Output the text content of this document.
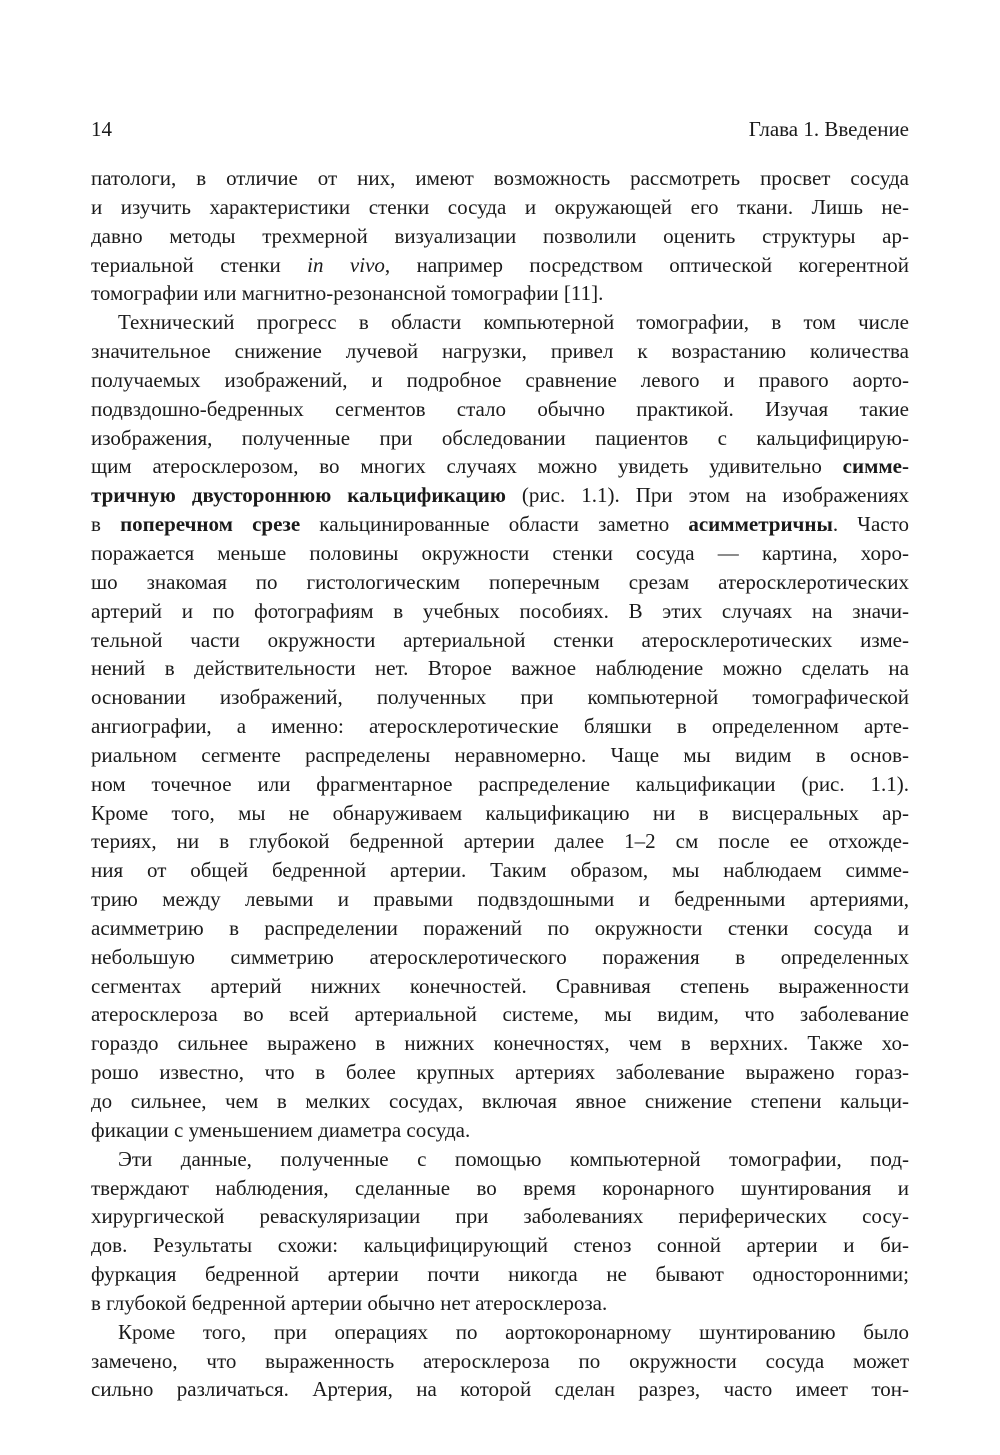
14	Глава 1. Введение
патологи, в отличие от них, имеют возможность рассмотреть просвет сосуда
и изучить характеристики стенки сосуда и окружающей его ткани. Лишь не-
давно методы трехмерной визуализации позволили оценить структуры ар-
териальной стенки in vivo, например посредством оптической когерентной
томографии или магнитно-резонансной томографии [11].
Технический прогресс в области компьютерной томографии, в том числе
значительное снижение лучевой нагрузки, привел к возрастанию количества
получаемых изображений, и подробное сравнение левого и правого аорто-
подвздошно-бедренных сегментов стало обычно практикой. Изучая такие
изображения, полученные при обследовании пациентов с кальцифицирую-
щим атеросклерозом, во многих случаях можно увидеть удивительно симме-
тричную двустороннюю кальцификацию (рис. 1.1). При этом на изображениях
в поперечном срезе кальцинированные области заметно асимметричны. Часто
поражается меньше половины окружности стенки сосуда — картина, хоро-
шо знакомая по гистологическим поперечным срезам атеросклеротических
артерий и по фотографиям в учебных пособиях. В этих случаях на значи-
тельной части окружности артериальной стенки атеросклеротических изме-
нений в действительности нет. Второе важное наблюдение можно сделать на
основании изображений, полученных при компьютерной томографической
ангиографии, а именно: атеросклеротические бляшки в определенном арте-
риальном сегменте распределены неравномерно. Чаще мы видим в основ-
ном точечное или фрагментарное распределение кальцификации (рис. 1.1).
Кроме того, мы не обнаруживаем кальцификацию ни в висцеральных ар-
териях, ни в глубокой бедренной артерии далее 1–2 см после ее отхожде-
ния от общей бедренной артерии. Таким образом, мы наблюдаем симме-
трию между левыми и правыми подвздошными и бедренными артериями,
асимметрию в распределении поражений по окружности стенки сосуда и
небольшую симметрию атеросклеротического поражения в определенных
сегментах артерий нижних конечностей. Сравнивая степень выраженности
атеросклероза во всей артериальной системе, мы видим, что заболевание
гораздо сильнее выражено в нижних конечностях, чем в верхних. Также хо-
рошо известно, что в более крупных артериях заболевание выражено гораз-
до сильнее, чем в мелких сосудах, включая явное снижение степени кальци-
фикации с уменьшением диаметра сосуда.
Эти данные, полученные с помощью компьютерной томографии, под-
тверждают наблюдения, сделанные во время коронарного шунтирования и
хирургической реваскуляризации при заболеваниях периферических сосу-
дов. Результаты схожи: кальцифицирующий стеноз сонной артерии и би-
фуркация бедренной артерии почти никогда не бывают односторонними;
в глубокой бедренной артерии обычно нет атеросклероза.
Кроме того, при операциях по аортокоронарному шунтированию было
замечено, что выраженность атеросклероза по окружности сосуда может
сильно различаться. Артерия, на которой сделан разрез, часто имеет тон-
